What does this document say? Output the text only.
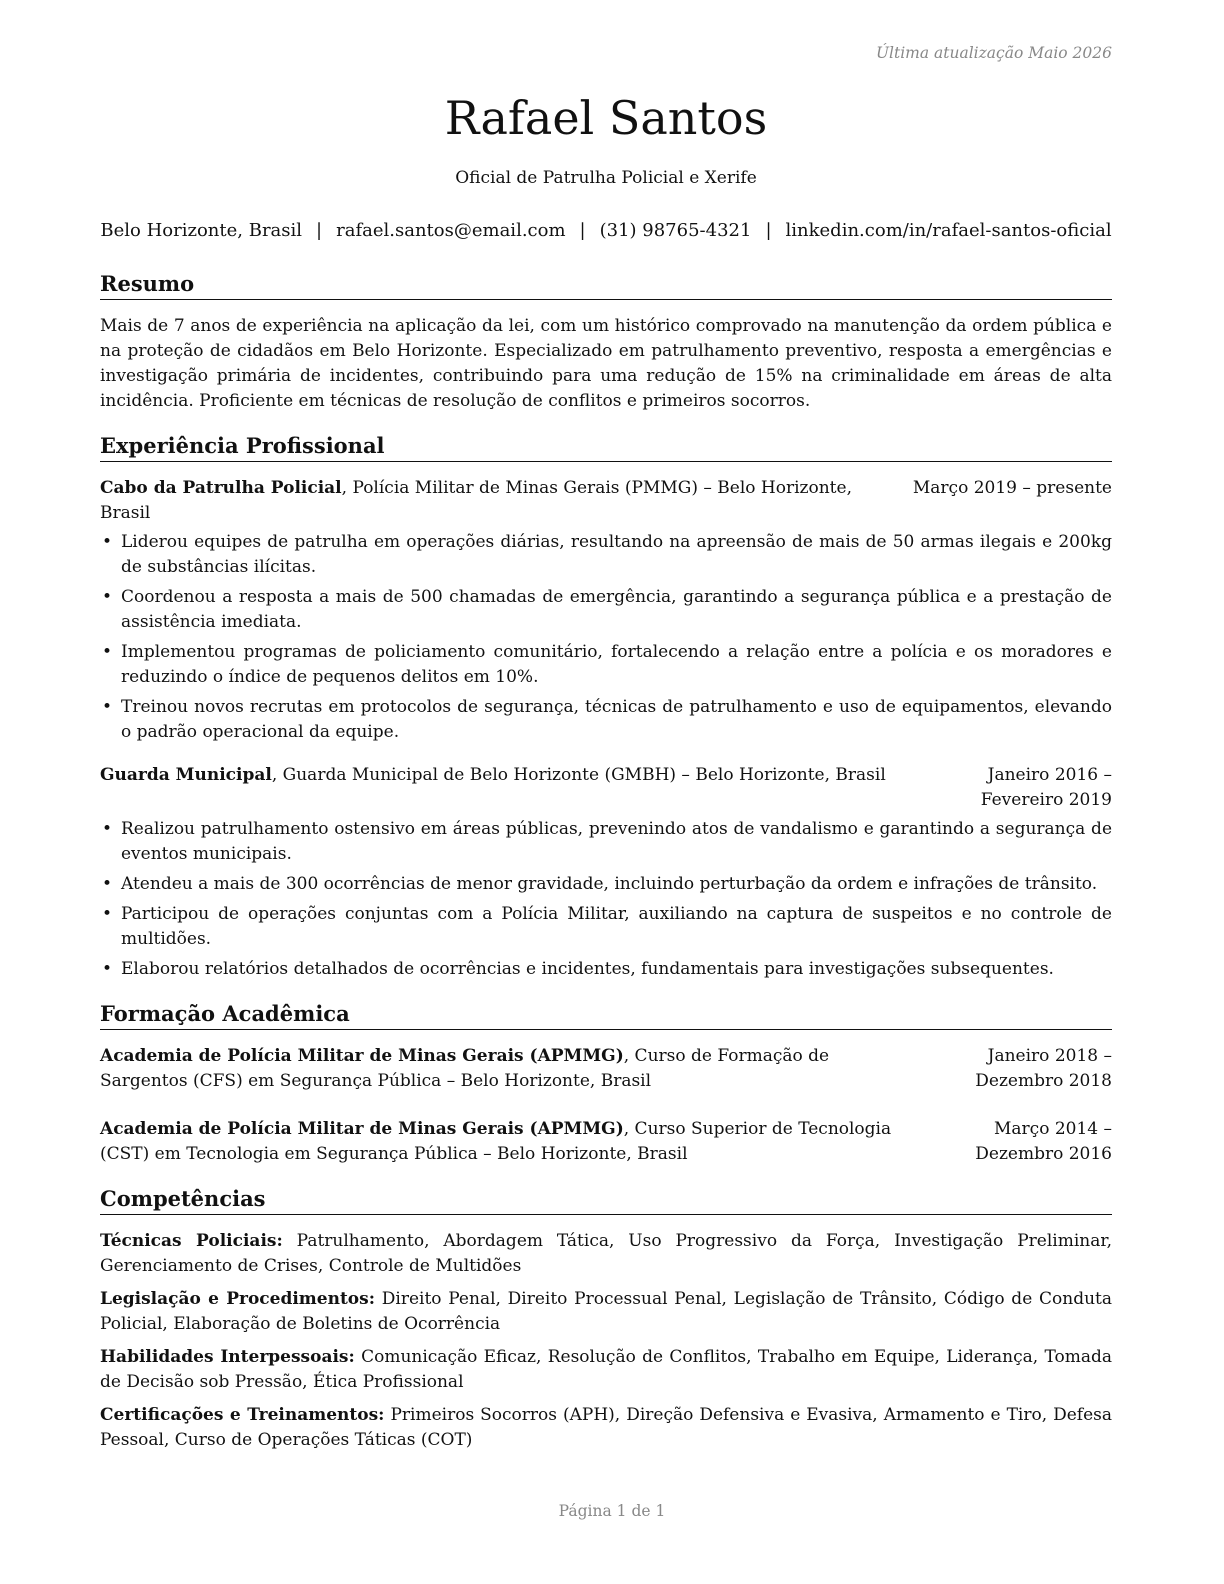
Última atualização Maio 2026
Rafael Santos
Oficial de Patrulha Policial e Xerife
Belo Horizonte, Brasil | rafael.santos@email.com | (31) 98765-4321 | linkedin.com/in/rafael-santos-oficial
Resumo

Mais de 7 anos de experiência na aplicação da lei, com um histórico comprovado na manutenção da ordem pública e na proteção de cidadãos em Belo Horizonte. Especializado em patrulhamento preventivo, resposta a emergências e investigação primária de incidentes, contribuindo para uma redução de 15% na criminalidade em áreas de alta incidência. Proficiente em técnicas de resolução de conflitos e primeiros socorros.

Experiência Profissional
Cabo da Patrulha Policial, Polícia Militar de Minas Gerais (PMMG) – Belo Horizonte, Brasil
Março 2019 – presente
• Liderou equipes de patrulha em operações diárias, resultando na apreensão de mais de 50 armas ilegais e 200kg de substâncias ilícitas.
• Coordenou a resposta a mais de 500 chamadas de emergência, garantindo a segurança pública e a prestação de assistência imediata.
• Implementou programas de policiamento comunitário, fortalecendo a relação entre a polícia e os moradores e reduzindo o índice de pequenos delitos em 10%.
• Treinou novos recrutas em protocolos de segurança, técnicas de patrulhamento e uso de equipamentos, elevando o padrão operacional da equipe.
Guarda Municipal, Guarda Municipal de Belo Horizonte (GMBH) – Belo Horizonte, Brasil	Janeiro 2016 – Fevereiro 2019
• Realizou patrulhamento ostensivo em áreas públicas, prevenindo atos de vandalismo e garantindo a segurança de eventos municipais.
• Atendeu a mais de 300 ocorrências de menor gravidade, incluindo perturbação da ordem e infrações de trânsito.
• Participou de operações conjuntas com a Polícia Militar, auxiliando na captura de suspeitos e no controle de multidões.
• Elaborou relatórios detalhados de ocorrências e incidentes, fundamentais para investigações subsequentes.
Formação Acadêmica
Academia de Polícia Militar de Minas Gerais (APMMG), Curso de Formação de Sargentos (CFS) em Segurança Pública – Belo Horizonte, Brasil
Janeiro 2018 – Dezembro 2018
Academia de Polícia Militar de Minas Gerais (APMMG), Curso Superior de Tecnologia (CST) em Tecnologia em Segurança Pública – Belo Horizonte, Brasil
Março 2014 – Dezembro 2016
Competências
Técnicas Policiais: Patrulhamento, Abordagem Tática, Uso Progressivo da Força, Investigação Preliminar, Gerenciamento de Crises, Controle de Multidões
Legislação e Procedimentos: Direito Penal, Direito Processual Penal, Legislação de Trânsito, Código de Conduta Policial, Elaboração de Boletins de Ocorrência
Habilidades Interpessoais: Comunicação Eficaz, Resolução de Conflitos, Trabalho em Equipe, Liderança, Tomada de Decisão sob Pressão, Ética Profissional
Certificações e Treinamentos: Primeiros Socorros (APH), Direção Defensiva e Evasiva, Armamento e Tiro, Defesa Pessoal, Curso de Operações Táticas (COT)
Página 1 de 1
